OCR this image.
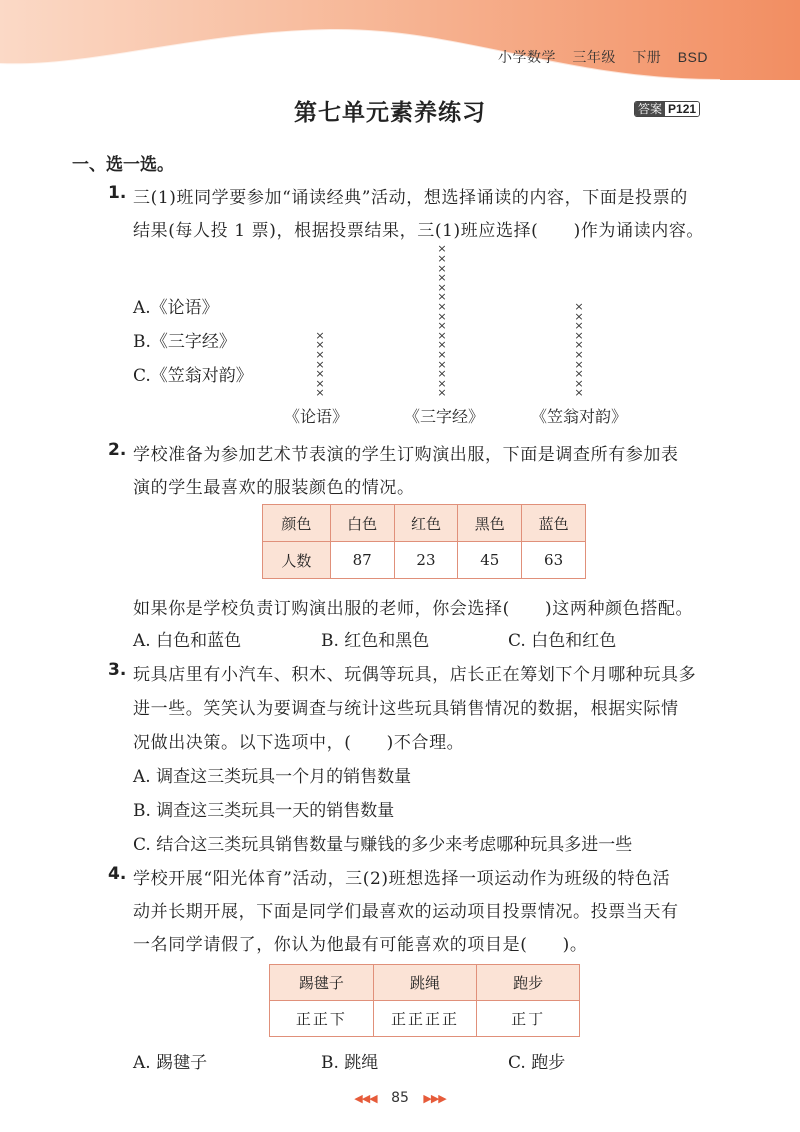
小学数学 三年级 下册 BSD
第七单元素养练习	答案 P121
一、选一选。
1. 三(1)班同学要参加“诵读经典”活动，想选择诵读的内容，下面是投票的
结果(每人投 1 票)，根据投票结果，三(1)班应选择(　　)作为诵读内容。
A.《论语》
B.《三字经》
C.《笠翁对韵》
×
×
×
×
×
×
×
×
×
×
×
×
×
×
×
×
×
×
×
×
×
×
×
×
×
×
×
×
×
×
×
×
×
《论语》	《三字经》	《笠翁对韵》
2. 学校准备为参加艺术节表演的学生订购演出服，下面是调查所有参加表
演的学生最喜欢的服装颜色的情况。
颜色	白色	红色	黑色	蓝色
人数	87	23	45	63
如果你是学校负责订购演出服的老师，你会选择(　　)这两种颜色搭配。
A. 白色和蓝色	B. 红色和黑色	C. 白色和红色
3. 玩具店里有小汽车、积木、玩偶等玩具，店长正在筹划下个月哪种玩具多
进一些。笑笑认为要调查与统计这些玩具销售情况的数据，根据实际情
况做出决策。以下选项中，(　　)不合理。
A. 调查这三类玩具一个月的销售数量
B. 调查这三类玩具一天的销售数量
C. 结合这三类玩具销售数量与赚钱的多少来考虑哪种玩具多进一些
4. 学校开展“阳光体育”活动，三(2)班想选择一项运动作为班级的特色活
动并长期开展，下面是同学们最喜欢的运动项目投票情况。投票当天有
一名同学请假了，你认为他最有可能喜欢的项目是(　　)。
踢毽子	跳绳	跑步
正正下	正正正正	正丁
A. 踢毽子	B. 跳绳	C. 跑步
◀◀◀ 85 ▶▶▶
